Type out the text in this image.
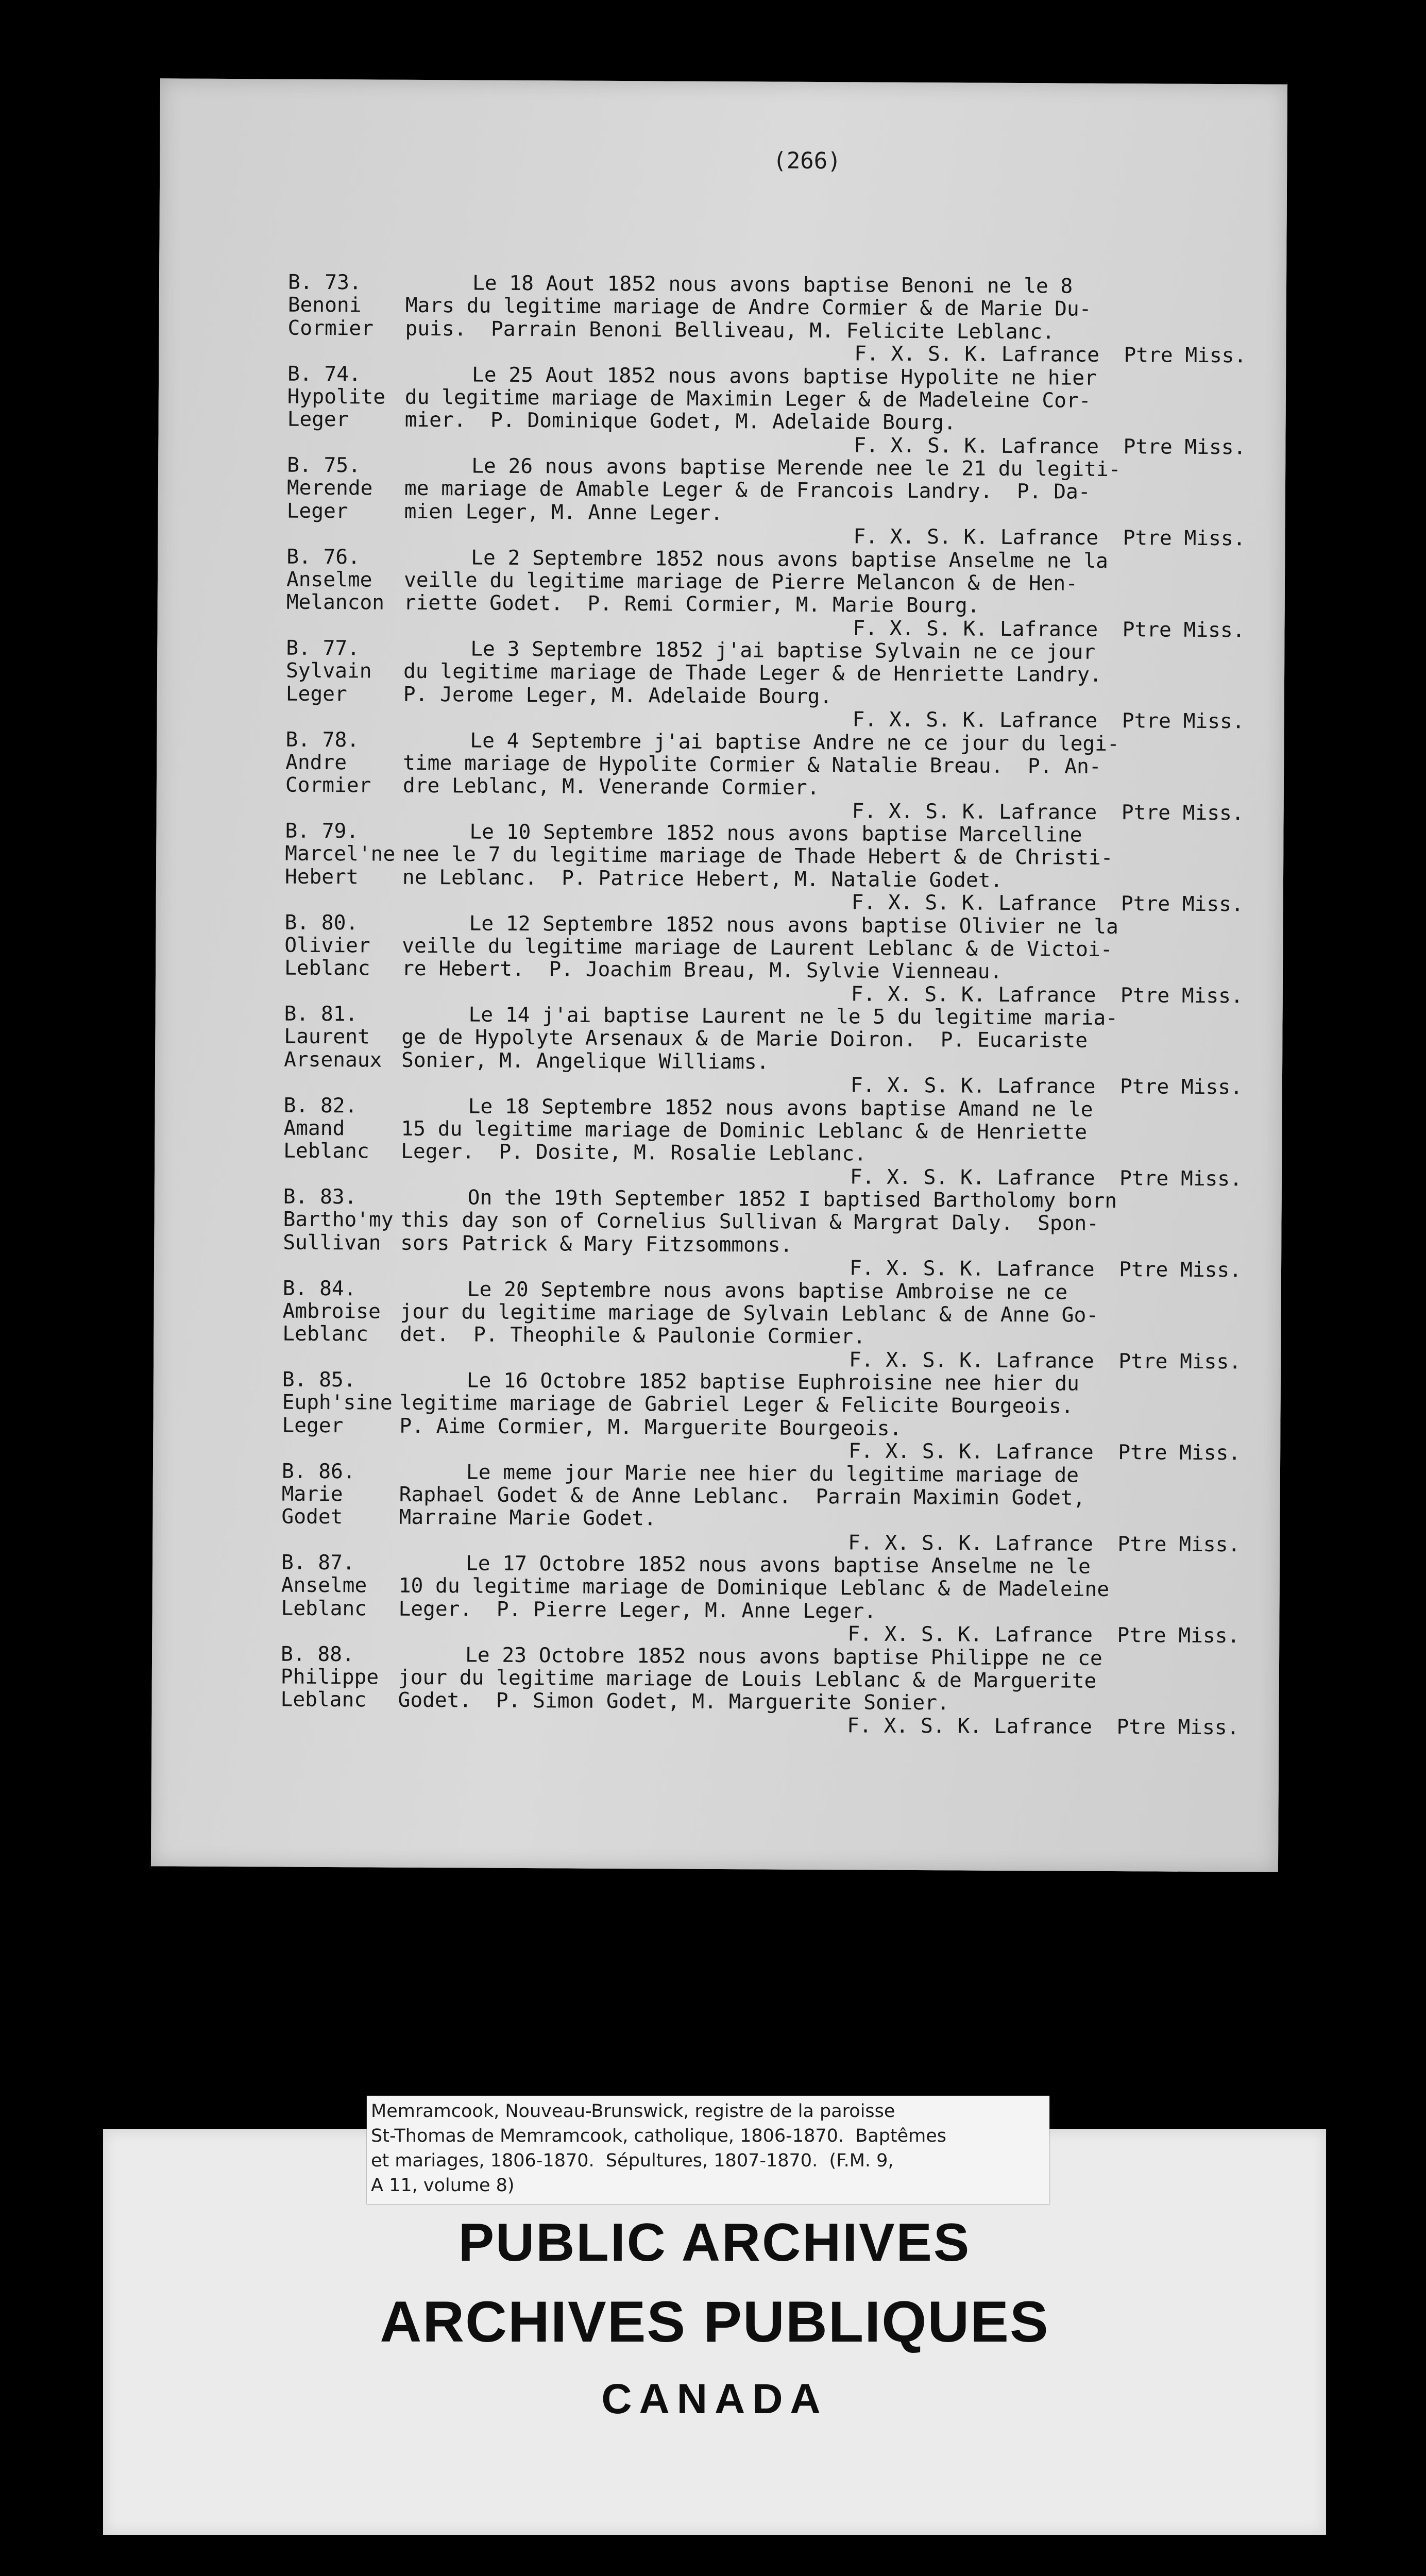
(266)
B. 73.
Benoni
Cormier
Le 18 Aout 1852 nous avons baptise Benoni ne le 8
Mars du legitime mariage de Andre Cormier & de Marie Du-
puis.  Parrain Benoni Belliveau, M. Felicite Leblanc.
F. X. S. K. Lafrance  Ptre Miss.
B. 74.
Hypolite
Leger
Le 25 Aout 1852 nous avons baptise Hypolite ne hier
du legitime mariage de Maximin Leger & de Madeleine Cor-
mier.  P. Dominique Godet, M. Adelaide Bourg.
F. X. S. K. Lafrance  Ptre Miss.
B. 75.
Merende
Leger
Le 26 nous avons baptise Merende nee le 21 du legiti-
me mariage de Amable Leger & de Francois Landry.  P. Da-
mien Leger, M. Anne Leger.
F. X. S. K. Lafrance  Ptre Miss.
B. 76.
Anselme
Melancon
Le 2 Septembre 1852 nous avons baptise Anselme ne la
veille du legitime mariage de Pierre Melancon & de Hen-
riette Godet.  P. Remi Cormier, M. Marie Bourg.
F. X. S. K. Lafrance  Ptre Miss.
B. 77.
Sylvain
Leger
Le 3 Septembre 1852 j'ai baptise Sylvain ne ce jour
du legitime mariage de Thade Leger & de Henriette Landry.
P. Jerome Leger, M. Adelaide Bourg.
F. X. S. K. Lafrance  Ptre Miss.
B. 78.
Andre
Cormier
Le 4 Septembre j'ai baptise Andre ne ce jour du legi-
time mariage de Hypolite Cormier & Natalie Breau.  P. An-
dre Leblanc, M. Venerande Cormier.
F. X. S. K. Lafrance  Ptre Miss.
B. 79.
Marcel'ne
Hebert
Le 10 Septembre 1852 nous avons baptise Marcelline
nee le 7 du legitime mariage de Thade Hebert & de Christi-
ne Leblanc.  P. Patrice Hebert, M. Natalie Godet.
F. X. S. K. Lafrance  Ptre Miss.
B. 80.
Olivier
Leblanc
Le 12 Septembre 1852 nous avons baptise Olivier ne la
veille du legitime mariage de Laurent Leblanc & de Victoi-
re Hebert.  P. Joachim Breau, M. Sylvie Vienneau.
F. X. S. K. Lafrance  Ptre Miss.
B. 81.
Laurent
Arsenaux
Le 14 j'ai baptise Laurent ne le 5 du legitime maria-
ge de Hypolyte Arsenaux & de Marie Doiron.  P. Eucariste
Sonier, M. Angelique Williams.
F. X. S. K. Lafrance  Ptre Miss.
B. 82.
Amand
Leblanc
Le 18 Septembre 1852 nous avons baptise Amand ne le
15 du legitime mariage de Dominic Leblanc & de Henriette
Leger.  P. Dosite, M. Rosalie Leblanc.
F. X. S. K. Lafrance  Ptre Miss.
B. 83.
Bartho'my
Sullivan
On the 19th September 1852 I baptised Bartholomy born
this day son of Cornelius Sullivan & Margrat Daly.  Spon-
sors Patrick & Mary Fitzsommons.
F. X. S. K. Lafrance  Ptre Miss.
B. 84.
Ambroise
Leblanc
Le 20 Septembre nous avons baptise Ambroise ne ce
jour du legitime mariage de Sylvain Leblanc & de Anne Go-
det.  P. Theophile & Paulonie Cormier.
F. X. S. K. Lafrance  Ptre Miss.
B. 85.
Euph'sine
Leger
Le 16 Octobre 1852 baptise Euphroisine nee hier du
legitime mariage de Gabriel Leger & Felicite Bourgeois.
P. Aime Cormier, M. Marguerite Bourgeois.
F. X. S. K. Lafrance  Ptre Miss.
B. 86.
Marie
Godet
Le meme jour Marie nee hier du legitime mariage de
Raphael Godet & de Anne Leblanc.  Parrain Maximin Godet,
Marraine Marie Godet.
F. X. S. K. Lafrance  Ptre Miss.
B. 87.
Anselme
Leblanc
Le 17 Octobre 1852 nous avons baptise Anselme ne le
10 du legitime mariage de Dominique Leblanc & de Madeleine
Leger.  P. Pierre Leger, M. Anne Leger.
F. X. S. K. Lafrance  Ptre Miss.
B. 88.
Philippe
Leblanc
Le 23 Octobre 1852 nous avons baptise Philippe ne ce
jour du legitime mariage de Louis Leblanc & de Marguerite
Godet.  P. Simon Godet, M. Marguerite Sonier.
F. X. S. K. Lafrance  Ptre Miss.
PUBLIC ARCHIVES
ARCHIVES PUBLIQUES
CANADA
Memramcook, Nouveau-Brunswick, registre de la paroisse
St-Thomas de Memramcook, catholique, 1806-1870.  Baptêmes
et mariages, 1806-1870.  Sépultures, 1807-1870.  (F.M. 9,
A 11, volume 8)
